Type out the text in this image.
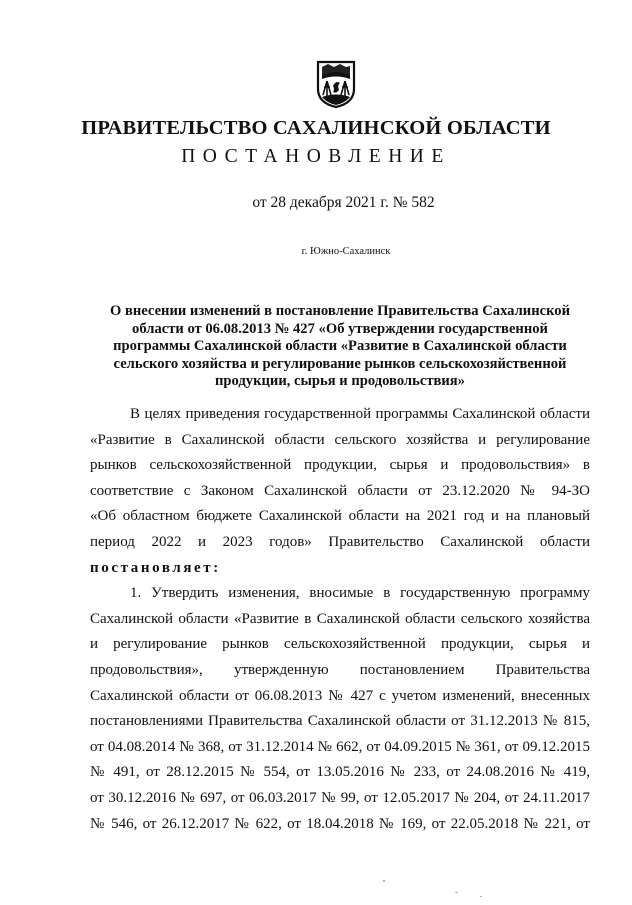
ПРАВИТЕЛЬСТВО САХАЛИНСКОЙ ОБЛАСТИ
ПОСТАНОВЛЕНИЕ
от 28 декабря 2021 г. № 582
г. Южно-Сахалинск
О внесении изменений в постановление Правительства Сахалинской
области от 06.08.2013 № 427 «Об утверждении государственной
программы Сахалинской области «Развитие в Сахалинской области
сельского хозяйства и регулирование рынков сельскохозяйственной
продукции, сырья и продовольствия»
В целях приведения государственной программы Сахалинской области
«Развитие в Сахалинской области сельского хозяйства и регулирование
рынков сельскохозяйственной продукции, сырья и продовольствия» в
соответствие с Законом Сахалинской области от 23.12.2020 № 94-ЗО
«Об областном бюджете Сахалинской области на 2021 год и на плановый
период 2022 и 2023 годов» Правительство Сахалинской области
постановляет:
1. Утвердить изменения, вносимые в государственную программу
Сахалинской области «Развитие в Сахалинской области сельского хозяйства
и регулирование рынков сельскохозяйственной продукции, сырья и
продовольствия», утвержденную постановлением Правительства
Сахалинской области от 06.08.2013 № 427 с учетом изменений, внесенных
постановлениями Правительства Сахалинской области от 31.12.2013 № 815,
от 04.08.2014 № 368, от 31.12.2014 № 662, от 04.09.2015 № 361, от 09.12.2015
№ 491, от 28.12.2015 № 554, от 13.05.2016 № 233, от 24.08.2016 № 419,
от 30.12.2016 № 697, от 06.03.2017 № 99, от 12.05.2017 № 204, от 24.11.2017
№ 546, от 26.12.2017 № 622, от 18.04.2018 № 169, от 22.05.2018 № 221, от
